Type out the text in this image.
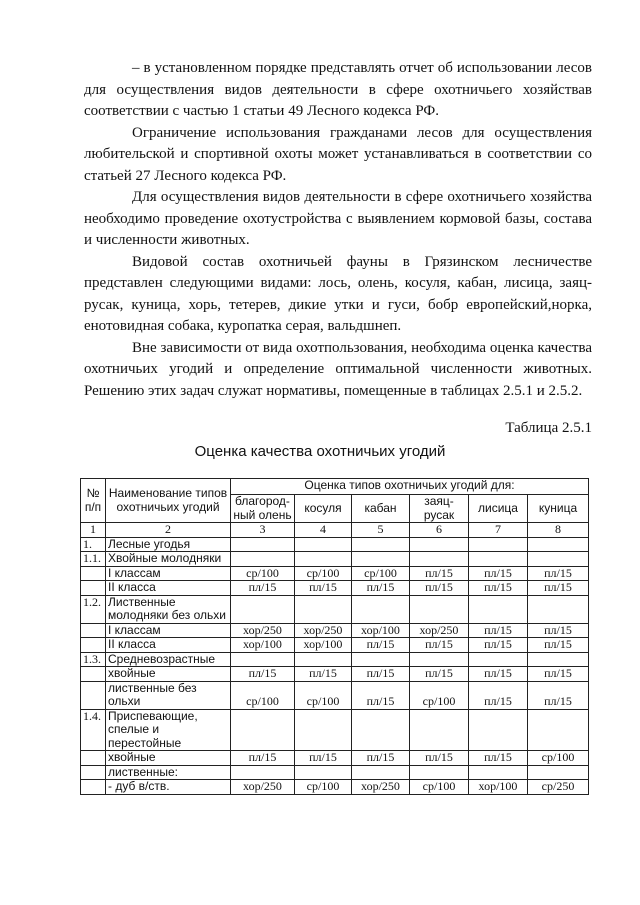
– в установленном порядке представлять отчет об использовании лесов для осуществления видов деятельности в сфере охотничьего хозяйствав соответствии с частью 1 статьи 49 Лесного кодекса РФ.

Ограничение использования гражданами лесов для осуществления любительской и спортивной охоты может устанавливаться в соответствии со статьей 27 Лесного кодекса РФ.

Для осуществления видов деятельности в сфере охотничьего хозяйства необходимо проведение охотустройства с выявлением кормовой базы, состава и численности животных.

Видовой состав охотничьей фауны в Грязинском лесничестве представлен следующими видами: лось, олень, косуля, кабан, лисица, заяц-русак, куница, хорь, тетерев, дикие утки и гуси, бобр европейский,норка, енотовидная собака, куропатка серая, вальдшнеп.

Вне зависимости от вида охотпользования, необходима оценка качества охотничьих угодий и определение оптимальной численности животных. Решению этих задач служат нормативы, помещенные в таблицах 2.5.1 и 2.5.2.

Таблица 2.5.1
Оценка качества охотничьих угодий
№ п/п	Наименование типов охотничьих угодий	Оценка типов охотничьих угодий для:					
		благород-ный олень	косуля	кабан	заяц-русак	лисица	куница
1	2	3	4	5	6	7	8
1.	Лесные угодья						
1.1.	Хвойные молодняки						
	I классам	ср/100	ср/100	ср/100	пл/15	пл/15	пл/15
	II класса	пл/15	пл/15	пл/15	пл/15	пл/15	пл/15
1.2.	Лиственные молодняки без ольхи						
	I классам	хор/250	хор/250	хор/100	хор/250	пл/15	пл/15
	II класса	хор/100	хор/100	пл/15	пл/15	пл/15	пл/15
1.3.	Средневозрастные						
	хвойные	пл/15	пл/15	пл/15	пл/15	пл/15	пл/15
	лиственные без ольхи	ср/100	ср/100	пл/15	ср/100	пл/15	пл/15
1.4.	Приспевающие, спелые и перестойные						
	хвойные	пл/15	пл/15	пл/15	пл/15	пл/15	ср/100
	лиственные:						
	- дуб в/ств.	хор/250	ср/100	хор/250	ср/100	хор/100	ср/250
